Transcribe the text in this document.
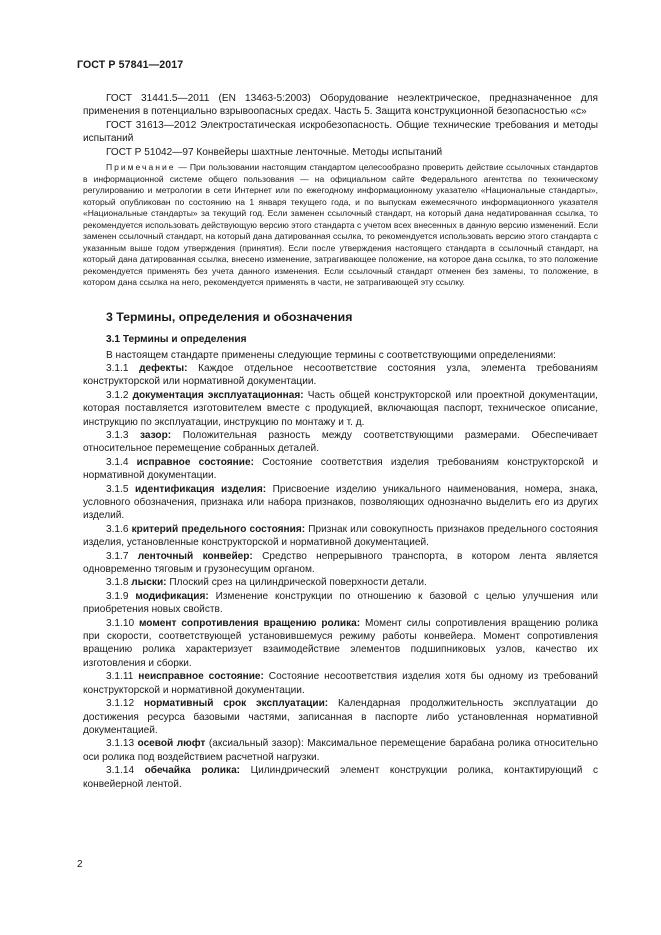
ГОСТ Р 57841—2017

ГОСТ 31441.5—2011 (EN 13463-5:2003) Оборудование неэлектрическое, предназначенное для применения в потенциально взрывоопасных средах. Часть 5. Защита конструкционной безопасностью «с»

ГОСТ 31613—2012 Электростатическая искробезопасность. Общие технические требования и методы испытаний

ГОСТ Р 51042—97 Конвейеры шахтные ленточные. Методы испытаний

Примечание — При пользовании настоящим стандартом целесообразно проверить действие ссылочных стандартов в информационной системе общего пользования — на официальном сайте Федерального агентства по техническому регулированию и метрологии в сети Интернет или по ежегодному информационному указателю «Национальные стандарты», который опубликован по состоянию на 1 января текущего года, и по выпускам ежемесячного информационного указателя «Национальные стандарты» за текущий год. Если заменен ссылочный стандарт, на который дана недатированная ссылка, то рекомендуется использовать действующую версию этого стандарта с учетом всех внесенных в данную версию изменений. Если заменен ссылочный стандарт, на который дана датированная ссылка, то рекомендуется использовать версию этого стандарта с указанным выше годом утверждения (принятия). Если после утверждения настоящего стандарта в ссылочный стандарт, на который дана датированная ссылка, внесено изменение, затрагивающее положение, на которое дана ссылка, то это положение рекомендуется применять без учета данного изменения. Если ссылочный стандарт отменен без замены, то положение, в котором дана ссылка на него, рекомендуется применять в части, не затрагивающей эту ссылку.

3 Термины, определения и обозначения
3.1 Термины и определения

В настоящем стандарте применены следующие термины с соответствующими определениями:

3.1.1 дефекты: Каждое отдельное несоответствие состояния узла, элемента требованиям конструкторской или нормативной документации.

3.1.2 документация эксплуатационная: Часть общей конструкторской или проектной документации, которая поставляется изготовителем вместе с продукцией, включающая паспорт, техническое описание, инструкцию по эксплуатации, инструкцию по монтажу и т. д.

3.1.3 зазор: Положительная разность между соответствующими размерами. Обеспечивает относительное перемещение собранных деталей.

3.1.4 исправное состояние: Состояние соответствия изделия требованиям конструкторской и нормативной документации.

3.1.5 идентификация изделия: Присвоение изделию уникального наименования, номера, знака, условного обозначения, признака или набора признаков, позволяющих однозначно выделить его из других изделий.

3.1.6 критерий предельного состояния: Признак или совокупность признаков предельного состояния изделия, установленные конструкторской и нормативной документацией.

3.1.7 ленточный конвейер: Средство непрерывного транспорта, в котором лента является одновременно тяговым и грузонесущим органом.

3.1.8 лыски: Плоский срез на цилиндрической поверхности детали.

3.1.9 модификация: Изменение конструкции по отношению к базовой с целью улучшения или приобретения новых свойств.

3.1.10 момент сопротивления вращению ролика: Момент силы сопротивления вращению ролика при скорости, соответствующей установившемуся режиму работы конвейера. Момент сопротивления вращению ролика характеризует взаимодействие элементов подшипниковых узлов, качество их изготовления и сборки.

3.1.11 неисправное состояние: Состояние несоответствия изделия хотя бы одному из требований конструкторской и нормативной документации.

3.1.12 нормативный срок эксплуатации: Календарная продолжительность эксплуатации до достижения ресурса базовыми частями, записанная в паспорте либо установленная нормативной документацией.

3.1.13 осевой люфт (аксиальный зазор): Максимальное перемещение барабана ролика относительно оси ролика под воздействием расчетной нагрузки.

3.1.14 обечайка ролика: Цилиндрический элемент конструкции ролика, контактирующий с конвейерной лентой.

2
